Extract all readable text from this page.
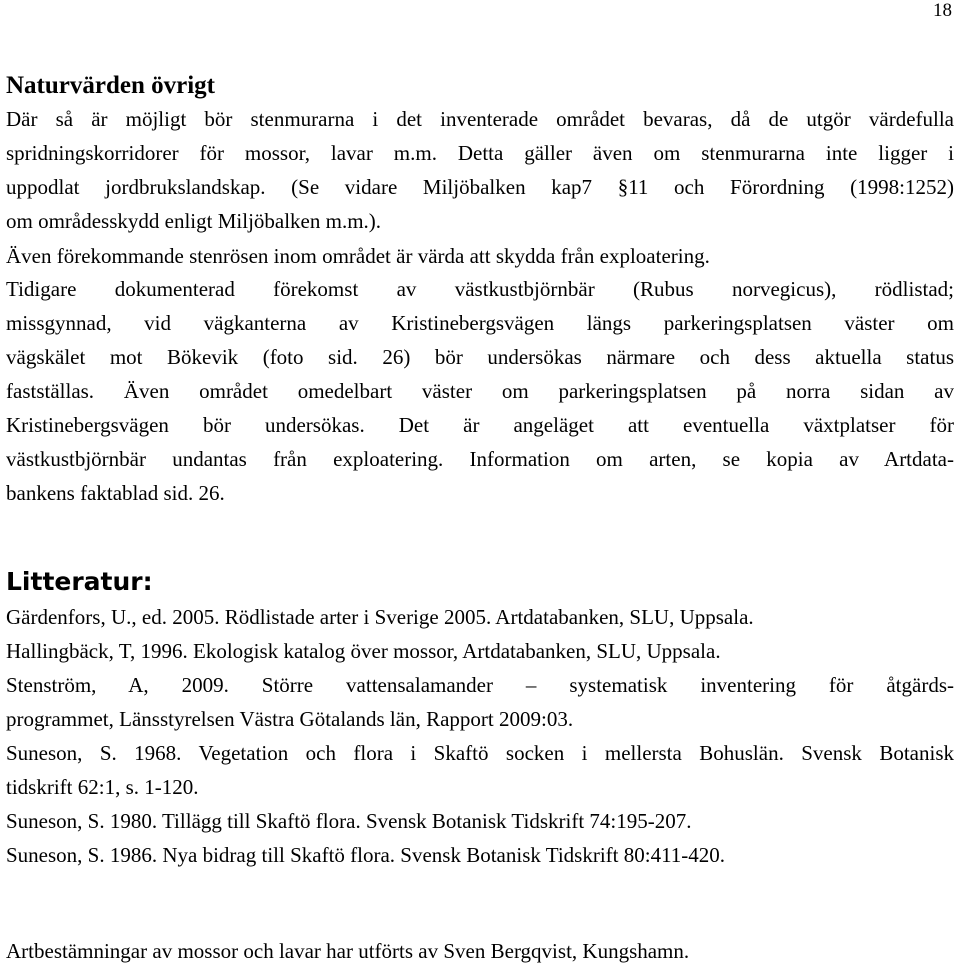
18
Naturvärden övrigt
Där så är möjligt bör stenmurarna i det inventerade området bevaras, då de utgör värdefulla
spridningskorridorer för mossor, lavar m.m. Detta gäller även om stenmurarna inte ligger i
uppodlat jordbrukslandskap. (Se vidare Miljöbalken kap7 §11 och Förordning (1998:1252)
om områdesskydd enligt Miljöbalken m.m.).
Även förekommande stenrösen inom området är värda att skydda från exploatering.
Tidigare dokumenterad förekomst av västkustbjörnbär (Rubus norvegicus), rödlistad;
missgynnad, vid vägkanterna av Kristinebergsvägen längs parkeringsplatsen väster om
vägskälet mot Bökevik (foto sid. 26) bör undersökas närmare och dess aktuella status
fastställas. Även området omedelbart väster om parkeringsplatsen på norra sidan av
Kristinebergsvägen bör undersökas. Det är angeläget att eventuella växtplatser för
västkustbjörnbär undantas från exploatering. Information om arten, se kopia av Artdata-
bankens faktablad sid. 26.
Litteratur:
Gärdenfors, U., ed. 2005. Rödlistade arter i Sverige 2005. Artdatabanken, SLU, Uppsala.
Hallingbäck, T, 1996. Ekologisk katalog över mossor, Artdatabanken, SLU, Uppsala.
Stenström, A, 2009. Större vattensalamander – systematisk inventering för åtgärds-
programmet, Länsstyrelsen Västra Götalands län, Rapport 2009:03.
Suneson, S. 1968. Vegetation och flora i Skaftö socken i mellersta Bohuslän. Svensk Botanisk
tidskrift 62:1, s. 1-120.
Suneson, S. 1980. Tillägg till Skaftö flora. Svensk Botanisk Tidskrift 74:195-207.
Suneson, S. 1986. Nya bidrag till Skaftö flora. Svensk Botanisk Tidskrift 80:411-420.
Artbestämningar av mossor och lavar har utförts av Sven Bergqvist, Kungshamn.
